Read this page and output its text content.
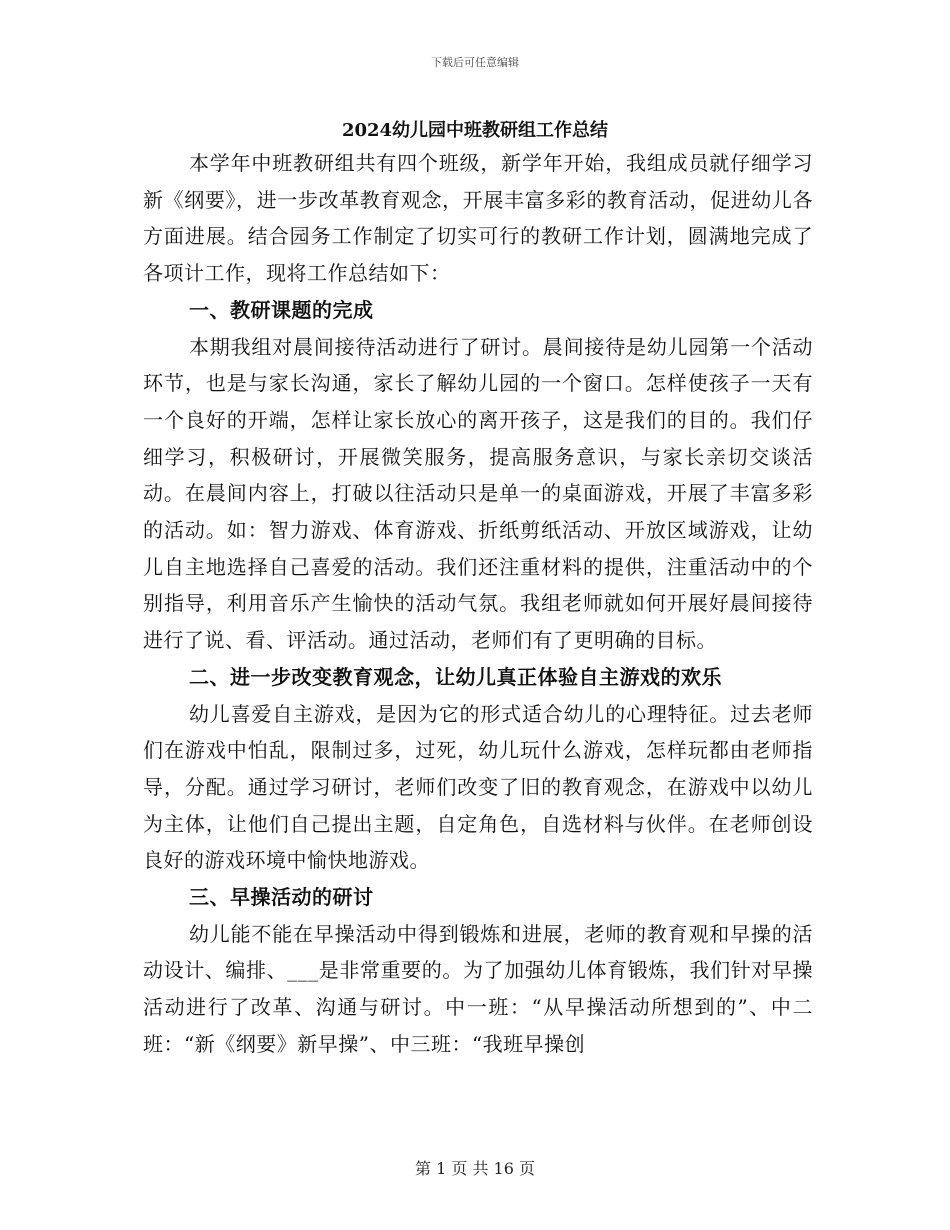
下载后可任意编辑
2024幼儿园中班教研组工作总结

本学年中班教研组共有四个班级，新学年开始，我组成员就仔细学习新《纲要》，进一步改革教育观念，开展丰富多彩的教育活动，促进幼儿各方面进展。结合园务工作制定了切实可行的教研工作计划，圆满地完成了各项计工作，现将工作总结如下：

一、教研课题的完成

本期我组对晨间接待活动进行了研讨。晨间接待是幼儿园第一个活动环节，也是与家长沟通，家长了解幼儿园的一个窗口。怎样使孩子一天有一个良好的开端，怎样让家长放心的离开孩子，这是我们的目的。我们仔细学习，积极研讨，开展微笑服务，提高服务意识，与家长亲切交谈活动。在晨间内容上，打破以往活动只是单一的桌面游戏，开展了丰富多彩的活动。如：智力游戏、体育游戏、折纸剪纸活动、开放区域游戏，让幼儿自主地选择自己喜爱的活动。我们还注重材料的提供，注重活动中的个别指导，利用音乐产生愉快的活动气氛。我组老师就如何开展好晨间接待进行了说、看、评活动。通过活动，老师们有了更明确的目标。

二、进一步改变教育观念，让幼儿真正体验自主游戏的欢乐

幼儿喜爱自主游戏，是因为它的形式适合幼儿的心理特征。过去老师们在游戏中怕乱，限制过多，过死，幼儿玩什么游戏，怎样玩都由老师指导，分配。通过学习研讨，老师们改变了旧的教育观念，在游戏中以幼儿为主体，让他们自己提出主题，自定角色，自选材料与伙伴。在老师创设良好的游戏环境中愉快地游戏。

三、早操活动的研讨

幼儿能不能在早操活动中得到锻炼和进展，老师的教育观和早操的活动设计、编排、___是非常重要的。为了加强幼儿体育锻炼，我们针对早操活动进行了改革、沟通与研讨。中一班：“从早操活动所想到的”、中二班：“新《纲要》新早操”、中三班：“我班早操创

第 1 页 共 16 页
